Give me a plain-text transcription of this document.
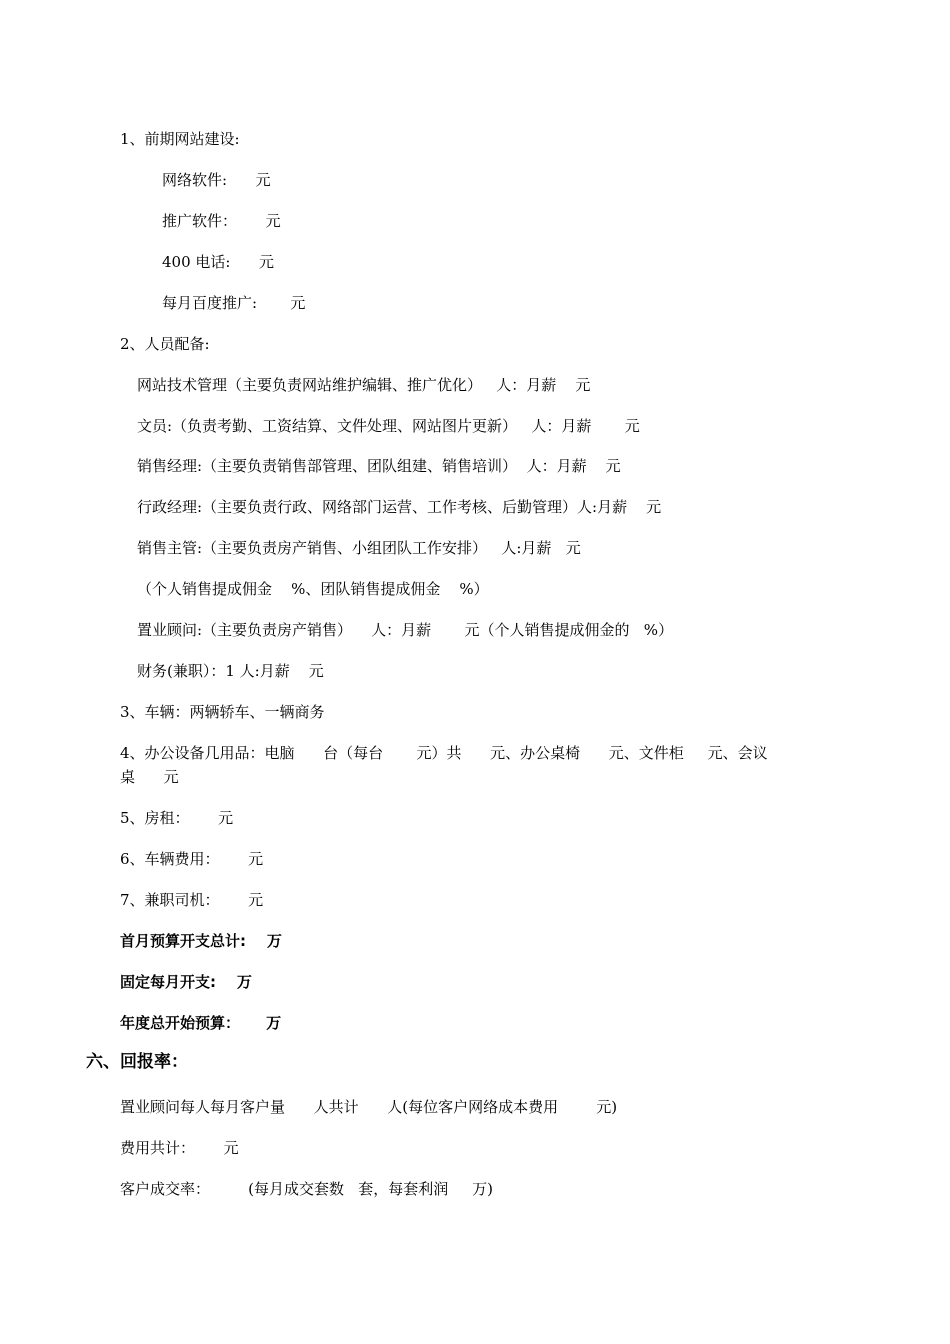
1、前期网站建设:
网络软件:      元
推广软件：      元
400 电话:      元
每月百度推广:       元
2、人员配备:
网站技术管理（主要负责网站维护编辑、推广优化）   人：月薪    元
文员:（负责考勤、工资结算、文件处理、网站图片更新）   人：月薪       元
销售经理:（主要负责销售部管理、团队组建、销售培训）  人：月薪    元
行政经理:（主要负责行政、网络部门运营、工作考核、后勤管理）人:月薪    元
销售主管:（主要负责房产销售、小组团队工作安排）   人:月薪   元
（个人销售提成佣金    %、团队销售提成佣金    %）
置业顾问:（主要负责房产销售）    人：月薪       元（个人销售提成佣金的   %）
财务(兼职）：1 人:月薪    元
3、车辆：两辆轿车、一辆商务
4、办公设备几用品：电脑      台（每台       元）共      元、办公桌椅      元、文件柜     元、会议
桌      元
5、房租：      元
6、车辆费用：      元
7、兼职司机：      元
首月预算开支总计:    万
固定每月开支:    万
年度总开始预算：     万
六、回报率：
置业顾问每人每月客户量      人共计      人(每位客户网络成本费用        元)
费用共计：      元
客户成交率：        (每月成交套数   套，每套利润     万)
